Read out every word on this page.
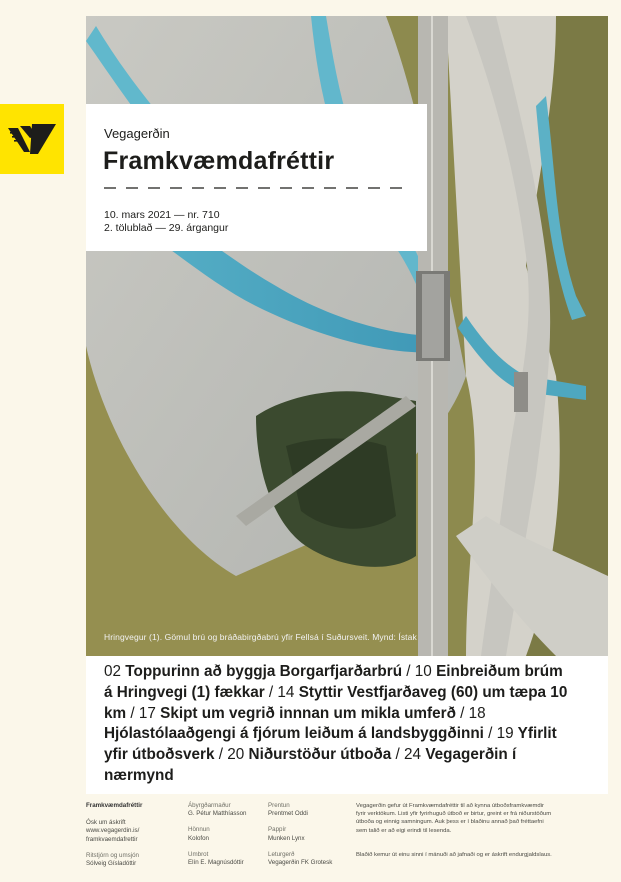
Hringvegur (1). Gömul brú og bráðabirgðabrú yfir Fellsá í Suðursveit. Mynd: Ístak
Vegagerðin
Framkvæmdafréttir
10. mars 2021 — nr. 710
2. tölublað — 29. árgangur

02 Toppurinn að byggja Borgarfjarðarbrú / 10 Einbreiðum brúm á Hringvegi (1) fækkar / 14 Styttir Vestfjarðaveg (60) um tæpa 10 km / 17 Skipt um vegrið innnan um mikla umferð / 18 Hjólastólaaðgengi á fjórum leiðum á landsbyggðinni / 19 Yfirlit yfir útboðsverk / 20 Niðurstöður útboða / 24 Vegagerðin í nærmynd

Framkvæmdafréttir
Ósk um áskrift
www.vegagerdin.is/
framkvaemdafrettir
Ritstjórn og umsjón
Sólveig Gísladóttir
Ábyrgðarmaður
G. Pétur Matthíasson
Hönnun
Kolofon
Umbrot
Elín E. Magnúsdóttir
Prentun
Prentmet Oddi
Pappír
Munken Lynx
Leturgerð
Vegagerðin FK Grotesk
Vegagerðin gefur út Framkvæmdafréttir til að kynna útboðsframkvæmdir
fyrir verktökum. Listi yfir fyrirhuguð útboð er birtur, greint er frá niðurstöðum
útboða og einnig samningum. Auk þess er í blaðinu annað það fréttaefni
sem talið er að eigi erindi til lesenda.
Blaðið kemur út einu sinni í mánuði að jafnaði og er áskrift endurgjaldslaus.
